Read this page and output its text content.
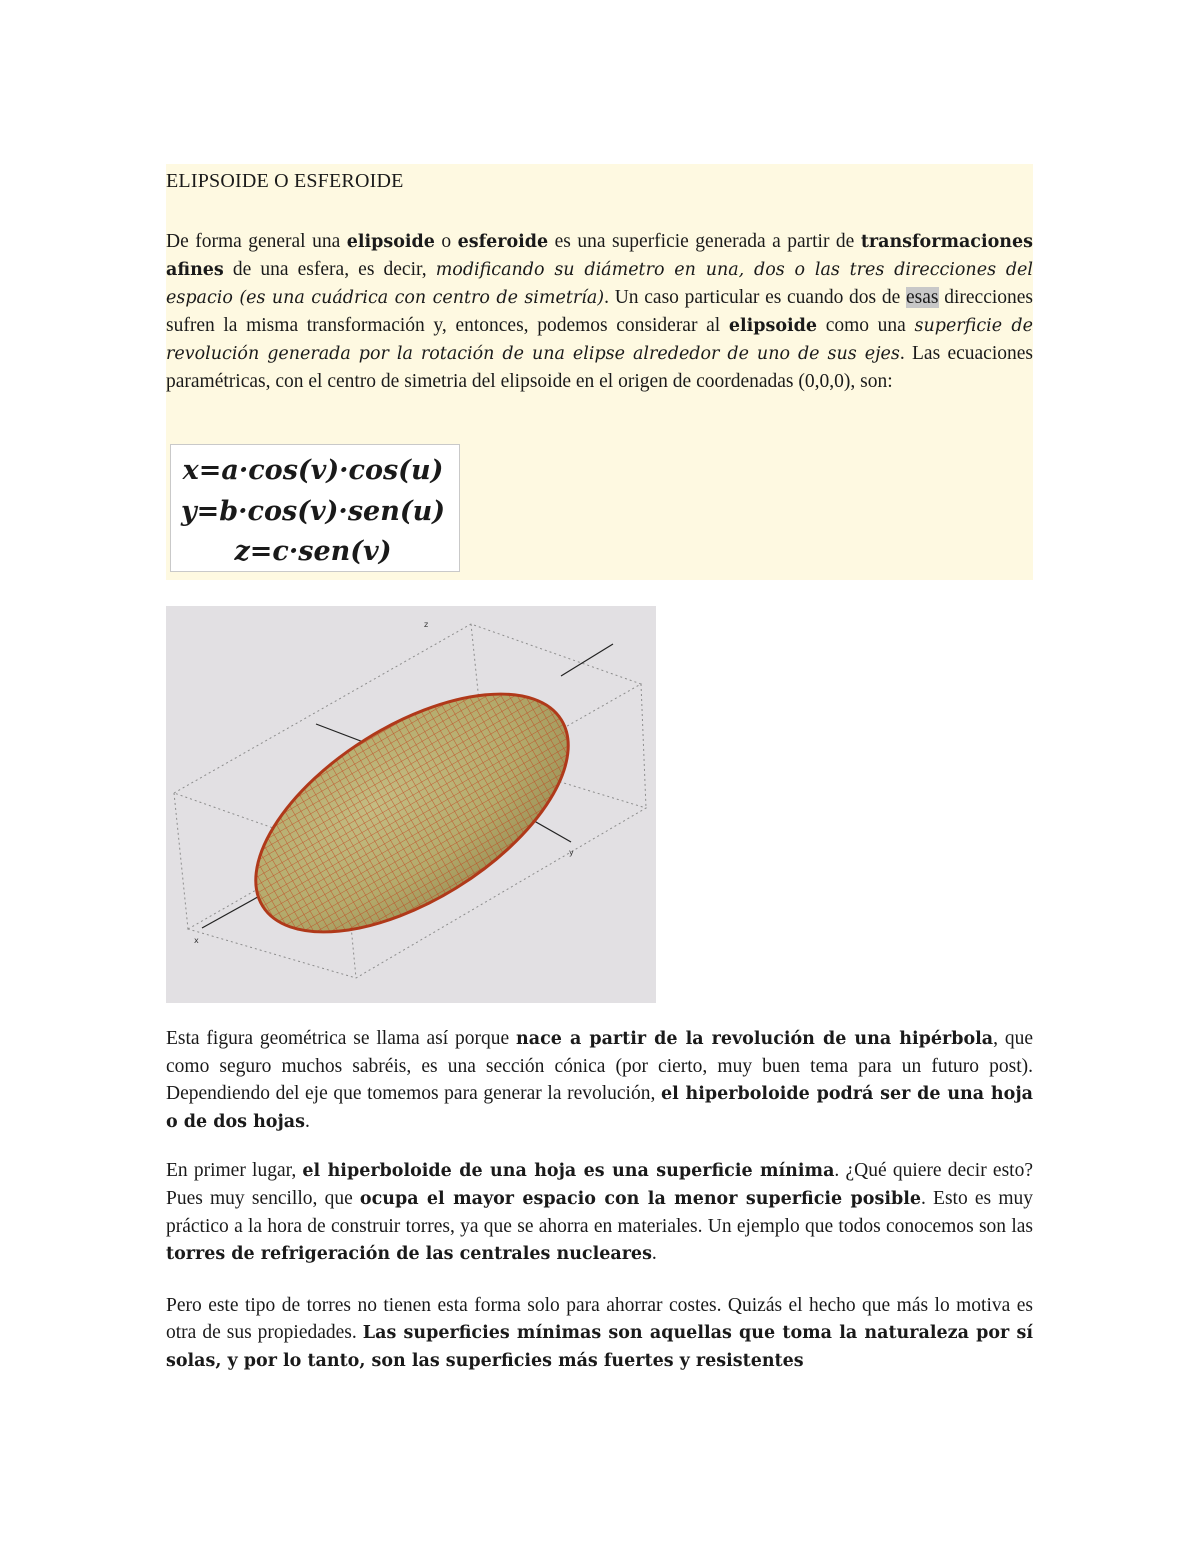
ELIPSOIDE O ESFEROIDE
De forma general una elipsoide o esferoide es una superficie generada a partir de transformaciones afines de una esfera, es decir, modificando su diámetro en una, dos o las tres direcciones del espacio (es una cuádrica con centro de simetría). Un caso particular es cuando dos de esas direcciones sufren la misma transformación y, entonces, podemos considerar al elipsoide como una superficie de revolución generada por la rotación de una elipse alrededor de uno de sus ejes. Las ecuaciones paramétricas, con el centro de simetria del elipsoide en el origen de coordenadas (0,0,0), son:
x=a·cos(v)·cos(u)
y=b·cos(v)·sen(u)
z=c·sen(v)
z
y
x
Esta figura geométrica se llama así porque nace a partir de la revolución de una hipérbola, que como seguro muchos sabréis, es una sección cónica (por cierto, muy buen tema para un futuro post). Dependiendo del eje que tomemos para generar la revolución, el hiperboloide podrá ser de una hoja o de dos hojas.
En primer lugar, el hiperboloide de una hoja es una superficie mínima. ¿Qué quiere decir esto? Pues muy sencillo, que ocupa el mayor espacio con la menor superficie posible. Esto es muy práctico a la hora de construir torres, ya que se ahorra en materiales. Un ejemplo que todos conocemos son las torres de refrigeración de las centrales nucleares.
Pero este tipo de torres no tienen esta forma solo para ahorrar costes. Quizás el hecho que más lo motiva es otra de sus propiedades. Las superficies mínimas son aquellas que toma la naturaleza por sí solas, y por lo tanto, son las superficies más fuertes y resistentes
